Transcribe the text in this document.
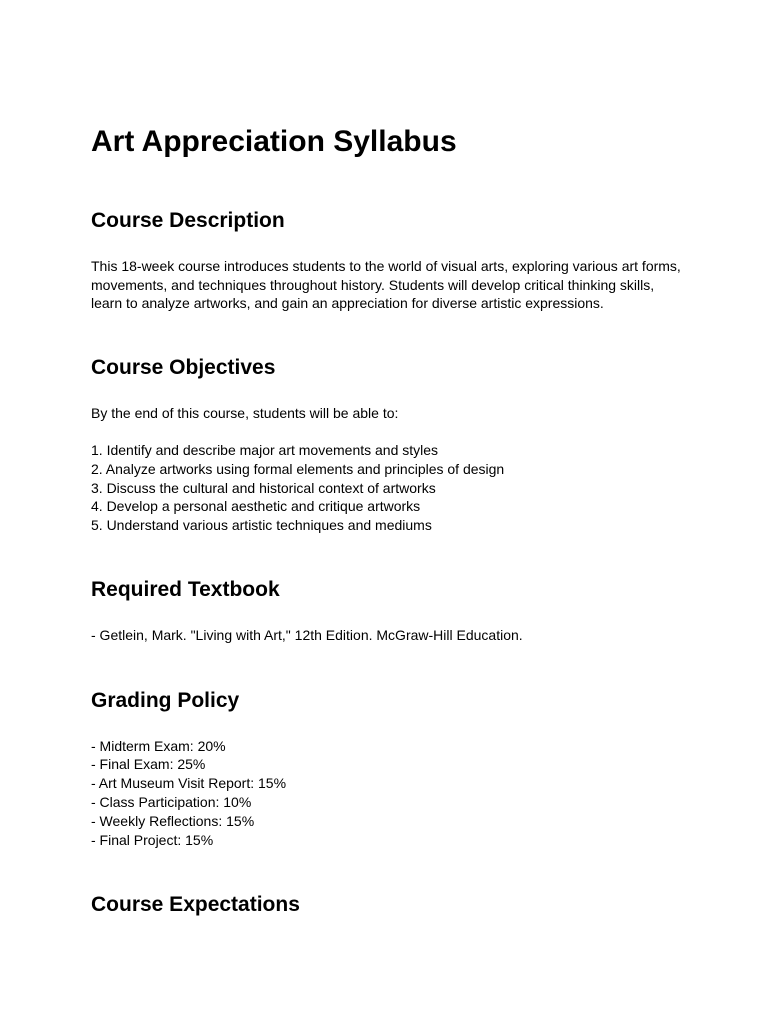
Art Appreciation Syllabus
Course Description

This 18-week course introduces students to the world of visual arts, exploring various art forms,

movements, and techniques throughout history. Students will develop critical thinking skills,

learn to analyze artworks, and gain an appreciation for diverse artistic expressions.

Course Objectives

By the end of this course, students will be able to:

1. Identify and describe major art movements and styles

2. Analyze artworks using formal elements and principles of design

3. Discuss the cultural and historical context of artworks

4. Develop a personal aesthetic and critique artworks

5. Understand various artistic techniques and mediums

Required Textbook

- Getlein, Mark. "Living with Art," 12th Edition. McGraw-Hill Education.

Grading Policy

- Midterm Exam: 20%

- Final Exam: 25%

- Art Museum Visit Report: 15%

- Class Participation: 10%

- Weekly Reflections: 15%

- Final Project: 15%

Course Expectations
